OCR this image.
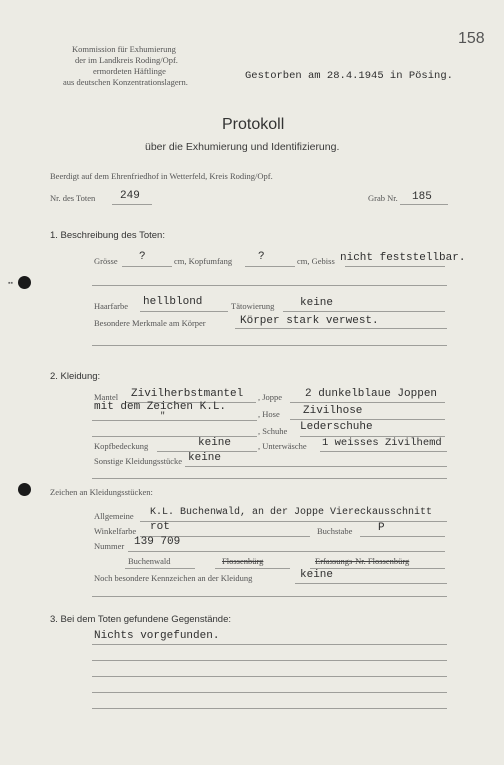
▪▪
158
Kommission für Exhumierung
der im Landkreis Roding/Opf.
ermordeten Häftlinge
aus deutschen Konzentrationslagern.	Gestorben am 28.4.1945 in Pösing.
Protokoll
über die Exhumierung und Identifizierung.
Beerdigt auf dem Ehrenfriedhof in Wetterfeld, Kreis Roding/Opf.
Nr. des Toten 249	Grab Nr. 185
1. Beschreibung des Toten:
Grösse ?	cm, Kopfumfang ?	cm, Gebiss nicht feststellbar.
Haarfarbe hellblond	Tätowierung keine
Besondere Merkmale am Körper	Körper stark verwest.
2. Kleidung:
Mantel Zivilherbstmantel
mit dem Zeichen K.L.
"
, Joppe 2 dunkelblaue Joppen
, Hose Zivilhose
, Schuhe Lederschuhe
Kopfbedeckung	keine	, Unterwäsche 1 weisses Zivilhemd
Sonstige Kleidungsstücke keine
Zeichen an Kleidungsstücken:
Allgemeine K.L. Buchenwald, an der Joppe Viereckausschnitt
Winkelfarbe rot	Buchstabe P
Nummer 139 709
Buchenwald	Flossenbürg	Erfassungs-Nr. Flossenbürg
Noch besondere Kennzeichen an der Kleidung	keine
3. Bei dem Toten gefundene Gegenstände:
Nichts vorgefunden.
